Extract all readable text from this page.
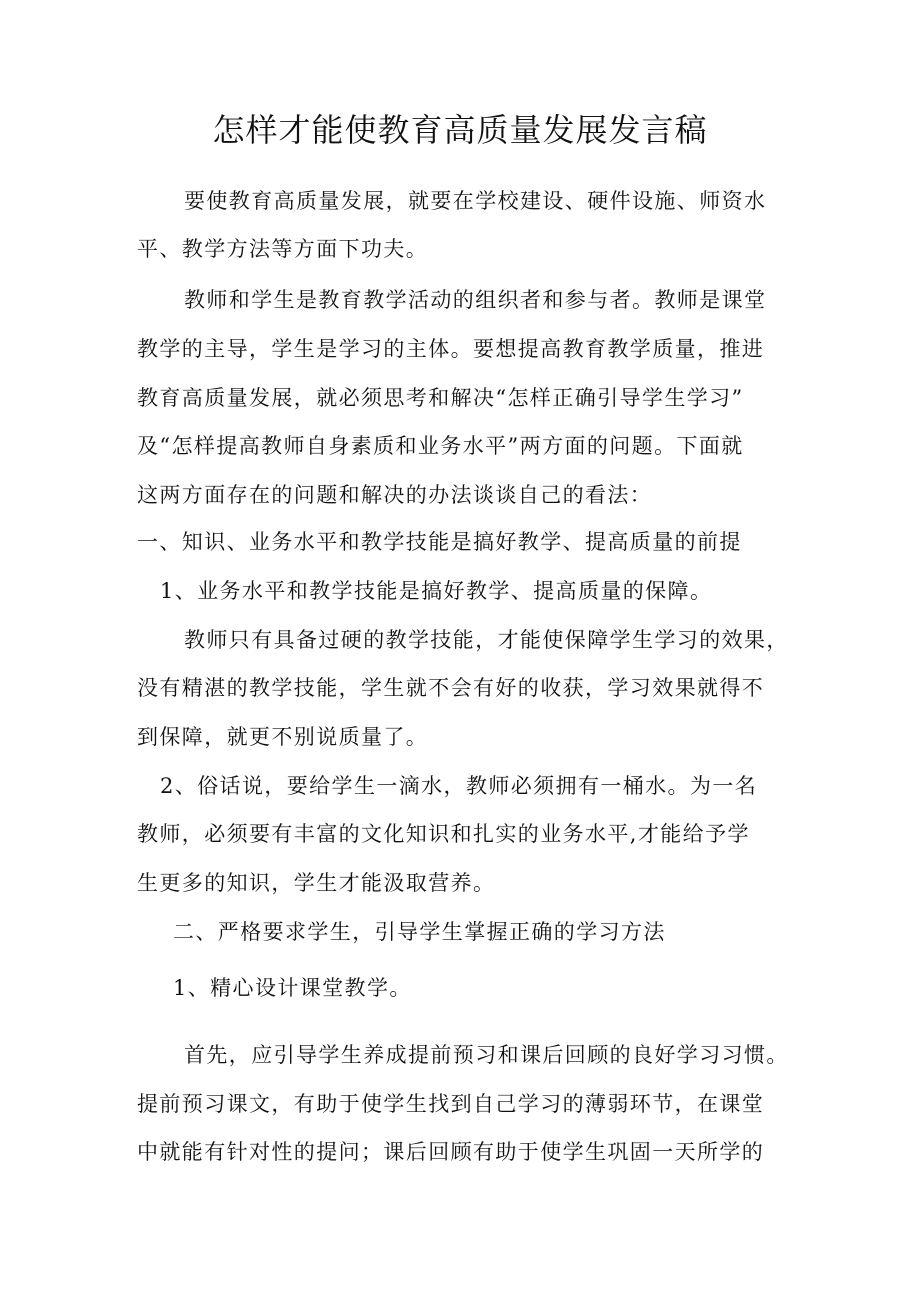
怎样才能使教育高质量发展发言稿
要使教育高质量发展，就要在学校建设、硬件设施、师资水
平、教学方法等方面下功夫。
教师和学生是教育教学活动的组织者和参与者。教师是课堂
教学的主导，学生是学习的主体。要想提高教育教学质量，推进
教育高质量发展，就必须思考和解决“怎样正确引导学生学习”
及“怎样提高教师自身素质和业务水平”两方面的问题。下面就
这两方面存在的问题和解决的办法谈谈自己的看法：
一、知识、业务水平和教学技能是搞好教学、提高质量的前提
1、业务水平和教学技能是搞好教学、提高质量的保障。
教师只有具备过硬的教学技能，才能使保障学生学习的效果，
没有精湛的教学技能，学生就不会有好的收获，学习效果就得不
到保障，就更不别说质量了。
2、俗话说，要给学生一滴水，教师必须拥有一桶水。为一名
教师，必须要有丰富的文化知识和扎实的业务水平,才能给予学
生更多的知识，学生才能汲取营养。
二、严格要求学生，引导学生掌握正确的学习方法
1、精心设计课堂教学。
首先，应引导学生养成提前预习和课后回顾的良好学习习惯。
提前预习课文，有助于使学生找到自己学习的薄弱环节，在课堂
中就能有针对性的提问；课后回顾有助于使学生巩固一天所学的
